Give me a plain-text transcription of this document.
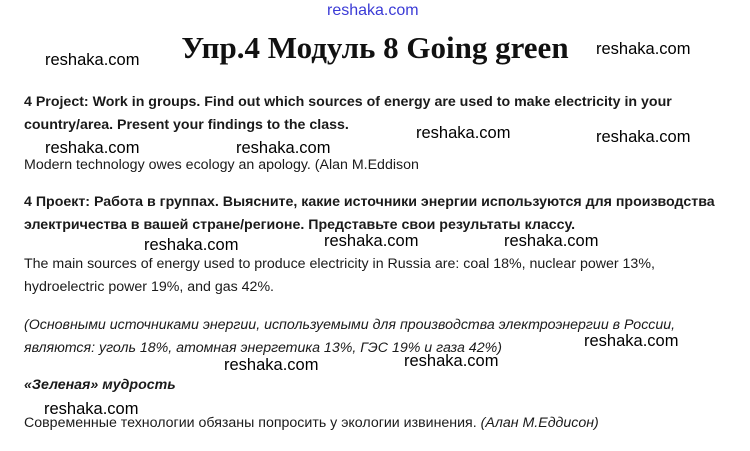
reshaka.com
Упр.4 Модуль 8 Going green
4 Project: Work in groups. Find out which sources of energy are used to make electricity in your country/area. Present your findings to the class.
Modern technology owes ecology an apology. (Alan M.Eddison
4 Проект: Работа в группах. Выясните, какие источники энергии используются для производства электричества в вашей стране/регионе. Представьте свои результаты классу.
The main sources of energy used to produce electricity in Russia are: coal 18%, nuclear power 13%, hydroelectric power 19%, and gas 42%.
(Основными источниками энергии, используемыми для производства электроэнергии в России, являются: уголь 18%, атомная энергетика 13%, ГЭС 19% и газа 42%)
«Зеленая» мудрость
Современные технологии обязаны попросить у экологии извинения. (Алан М.Еддисон)
reshaka.com
reshaka.com
reshaka.com	reshaka.com
reshaka.com	reshaka.com
reshaka.com	reshaka.com	reshaka.com
reshaka.com
reshaka.com
reshaka.com
reshaka.com
